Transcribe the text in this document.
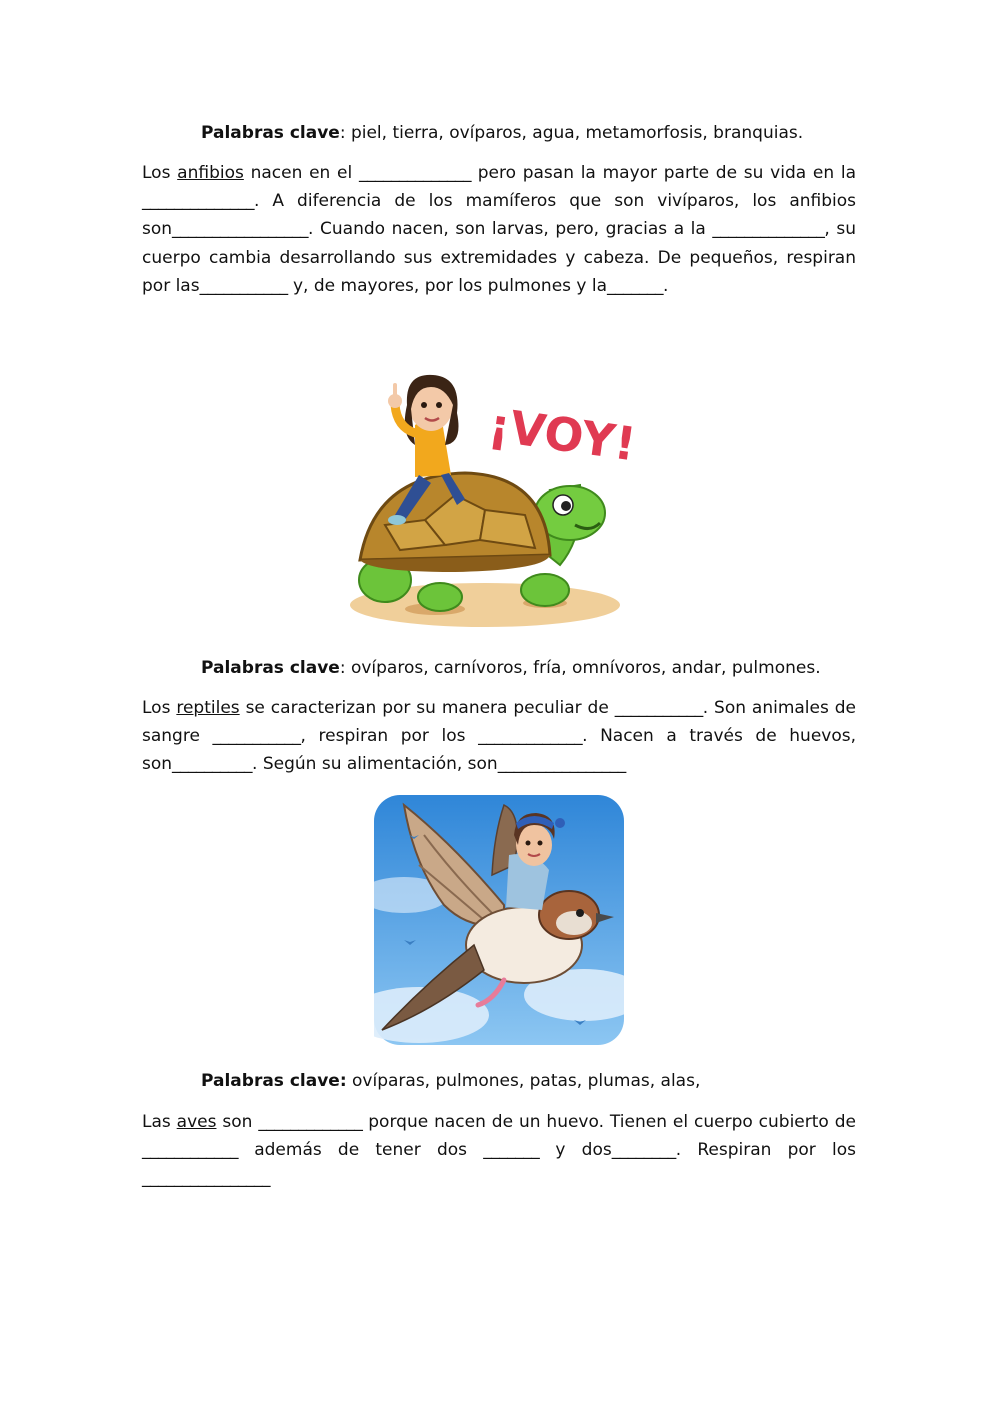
Palabras clave: piel, tierra, ovíparos, agua, metamorfosis, branquias.
Los anfibios nacen en el ______________ pero pasan la mayor parte de su vida en la ______________. A diferencia de los mamíferos que son vivíparos, los anfibios son_________________. Cuando nacen, son larvas, pero, gracias a la ______________, su cuerpo cambia desarrollando sus extremidades y cabeza. De pequeños, respiran por las___________ y, de mayores, por los pulmones y la_______.
¡VOY!
Palabras clave: ovíparos, carnívoros, fría, omnívoros, andar, pulmones.
Los reptiles se caracterizan por su manera peculiar de ___________. Son animales de sangre ___________, respiran por los _____________. Nacen a través de huevos, son__________. Según su alimentación, son________________
Palabras clave: ovíparas, pulmones, patas, plumas, alas,
Las aves son _____________ porque nacen de un huevo. Tienen el cuerpo cubierto de ____________ además de tener dos _______ y dos________. Respiran por los ________________
